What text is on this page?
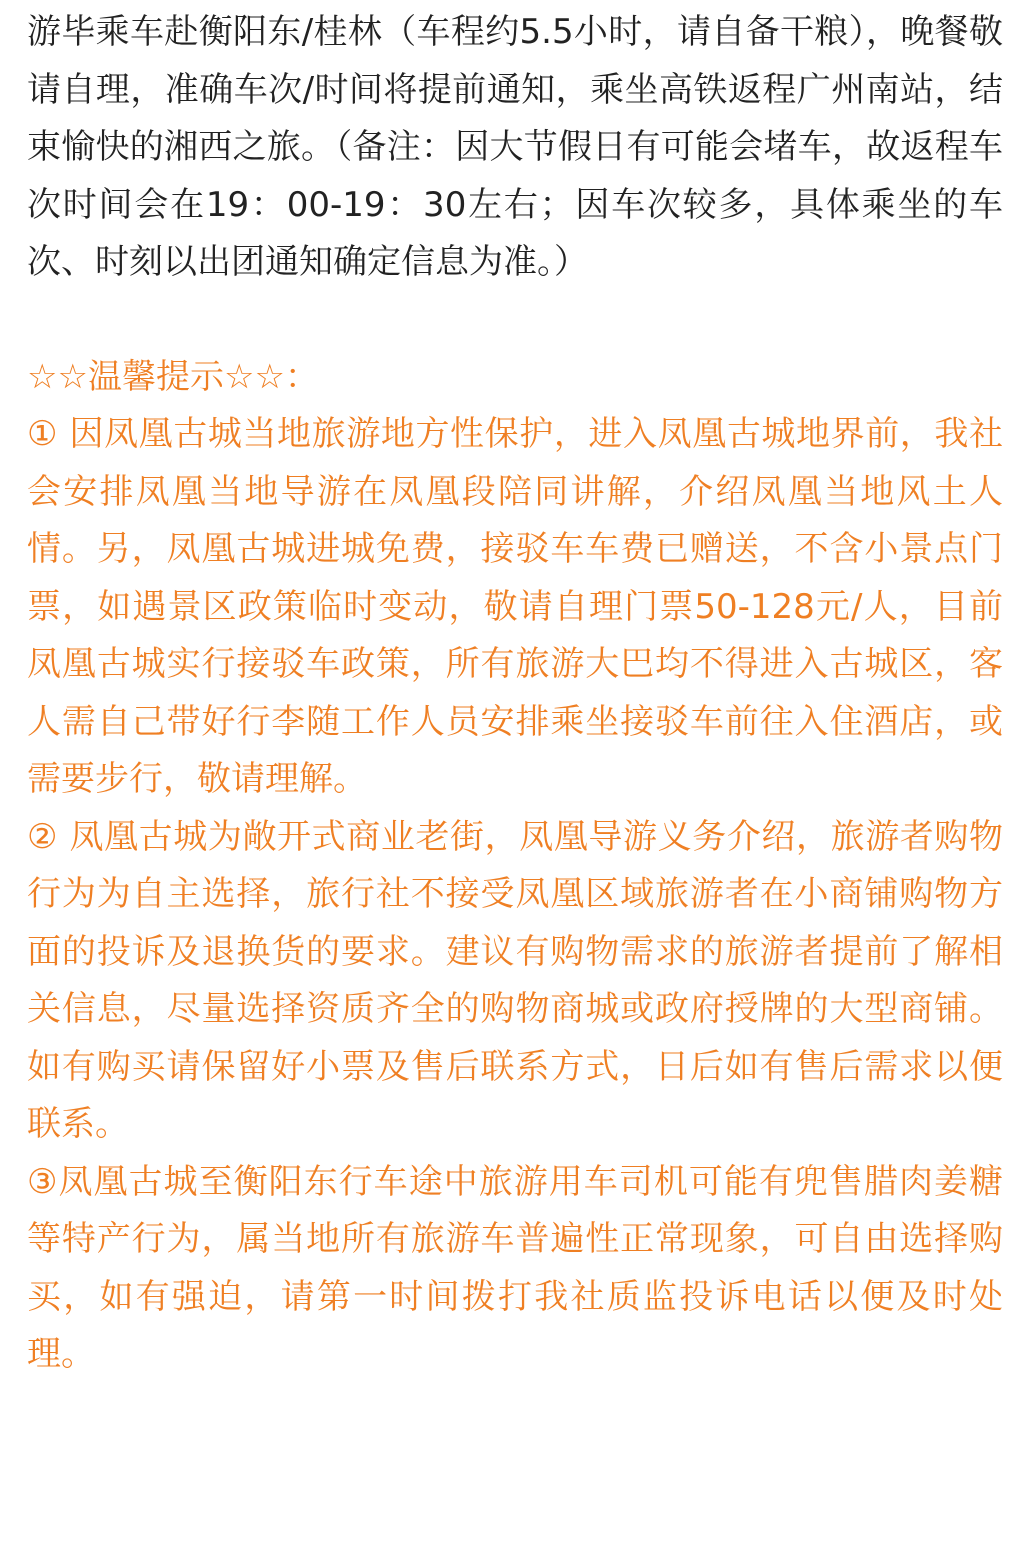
游毕乘车赴衡阳东/桂林（车程约5.5小时，请自备干粮），晚餐敬请自理，准确车次/时间将提前通知，乘坐高铁返程广州南站，结束愉快的湘西之旅。（备注：因大节假日有可能会堵车，故返程车次时间会在19：00-19：30左右；因车次较多，具体乘坐的车次、时刻以出团通知确定信息为准。）

☆☆温馨提示☆☆：

① 因凤凰古城当地旅游地方性保护，进入凤凰古城地界前，我社会安排凤凰当地导游在凤凰段陪同讲解，介绍凤凰当地风土人情。另，凤凰古城进城免费，接驳车车费已赠送，不含小景点门票，如遇景区政策临时变动，敬请自理门票50-128元/人，目前凤凰古城实行接驳车政策，所有旅游大巴均不得进入古城区，客人需自己带好行李随工作人员安排乘坐接驳车前往入住酒店，或需要步行，敬请理解。

② 凤凰古城为敞开式商业老街，凤凰导游义务介绍，旅游者购物行为为自主选择，旅行社不接受凤凰区域旅游者在小商铺购物方面的投诉及退换货的要求。建议有购物需求的旅游者提前了解相关信息，尽量选择资质齐全的购物商城或政府授牌的大型商铺。如有购买请保留好小票及售后联系方式，日后如有售后需求以便联系。

③凤凰古城至衡阳东行车途中旅游用车司机可能有兜售腊肉姜糖等特产行为，属当地所有旅游车普遍性正常现象，可自由选择购买，如有强迫，请第一时间拨打我社质监投诉电话以便及时处理。
